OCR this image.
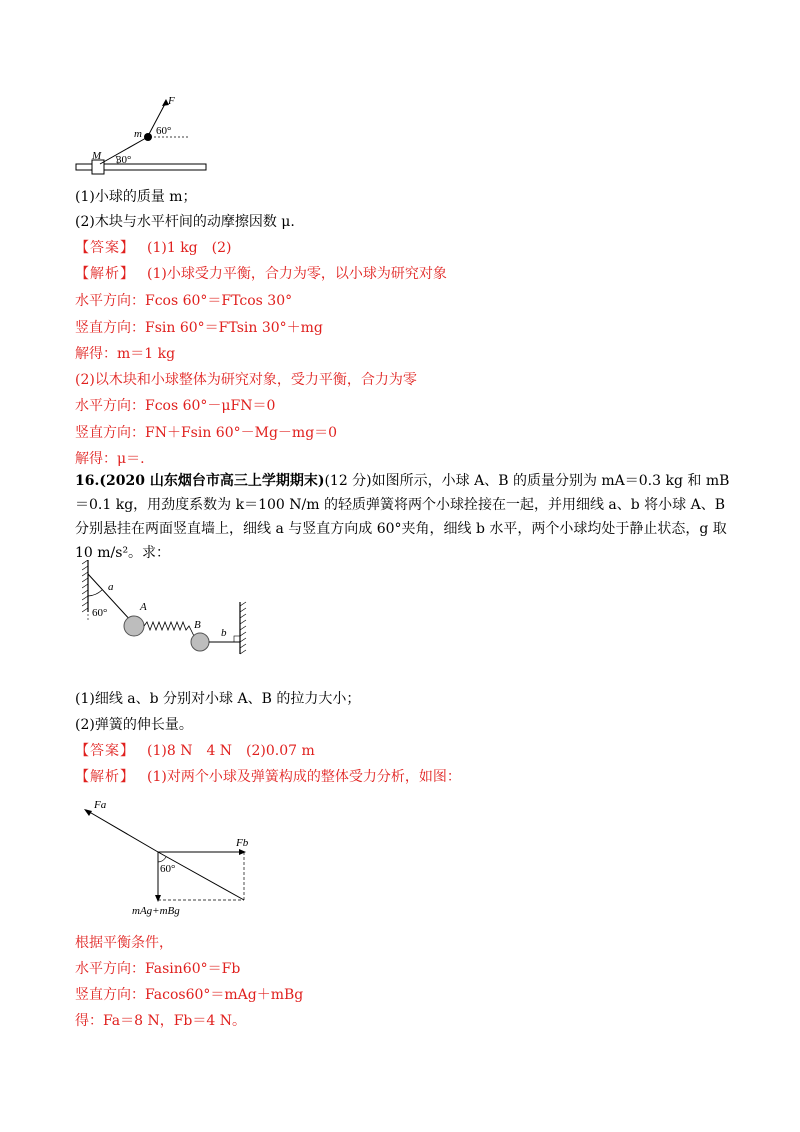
F
m 60°
M 30°
(1)小球的质量 m；
(2)木块与水平杆间的动摩擦因数 μ.
【答案】 (1)1 kg　(2)
【解析】 (1)小球受力平衡，合力为零，以小球为研究对象
水平方向：Fcos 60°＝FTcos 30°
竖直方向：Fsin 60°＝FTsin 30°＋mg
解得：m＝1 kg
(2)以木块和小球整体为研究对象，受力平衡，合力为零
水平方向：Fcos 60°－μFN＝0
竖直方向：FN＋Fsin 60°－Mg－mg＝0
解得：μ＝.
16.(2020 山东烟台市高三上学期期末)(12 分)如图所示，小球 A、B 的质量分别为 mA＝0.3 kg 和 mB＝0.1 kg，用劲度系数为 k＝100 N/m 的轻质弹簧将两个小球拴接在一起，并用细线 a、b 将小球 A、B 分别悬挂在两面竖直墙上，细线 a 与竖直方向成 60°夹角，细线 b 水平，两个小球均处于静止状态，g 取 10 m/s²。求：
a
60°	A
B
b
(1)细线 a、b 分别对小球 A、B 的拉力大小；
(2)弹簧的伸长量。
【答案】 (1)8 N　4 N　(2)0.07 m
【解析】 (1)对两个小球及弹簧构成的整体受力分析，如图：
Fa
Fb
60°
mAg+mBg
根据平衡条件，
水平方向：Fasin60°＝Fb
竖直方向：Facos60°＝mAg＋mBg
得：Fa＝8 N，Fb＝4 N。
